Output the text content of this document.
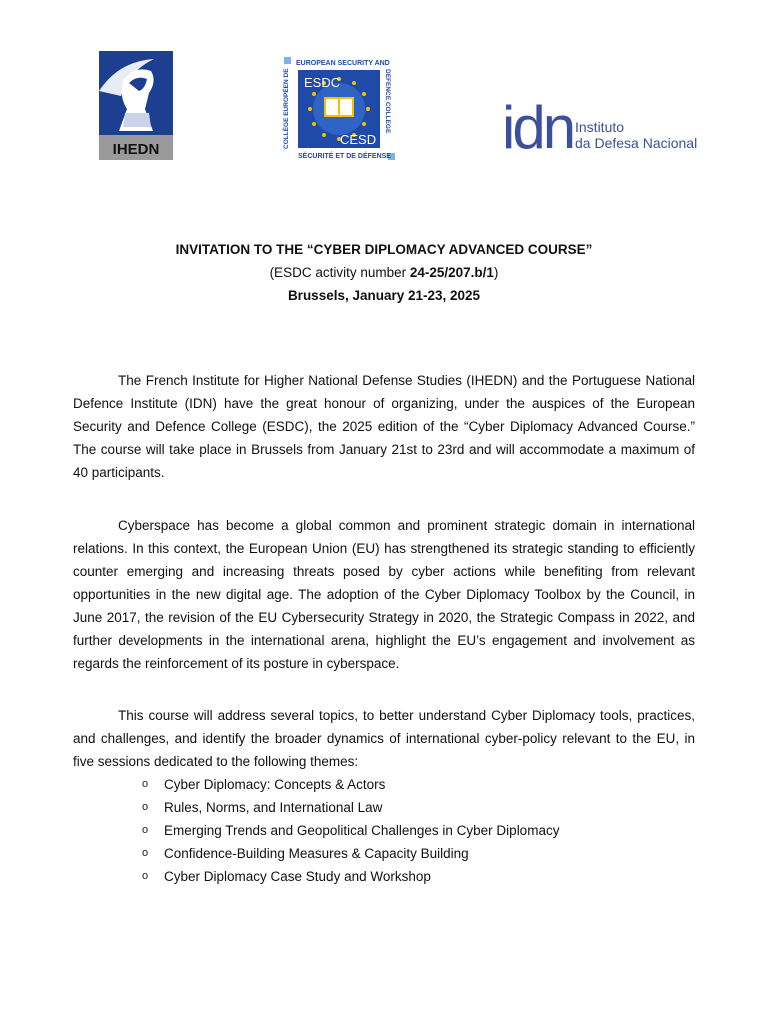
IHEDN
EUROPEAN SECURITY AND
SÉCURITÉ ET DE DÉFENSE
DEFENCE COLLEGE
COLLÈGE EUROPÉEN DE ESDC
CESD idn Instituto
da Defesa Nacional
INVITATION TO THE “CYBER DIPLOMACY ADVANCED COURSE”
(ESDC activity number 24-25/207.b/1)
Brussels, January 21-23, 2025

The French Institute for Higher National Defense Studies (IHEDN) and the Portuguese National Defence Institute (IDN) have the great honour of organizing, under the auspices of the European Security and Defence College (ESDC), the 2025 edition of the “Cyber Diplomacy Advanced Course.” The course will take place in Brussels from January 21st to 23rd and will accommodate a maximum of 40 participants.

Cyberspace has become a global common and prominent strategic domain in international relations. In this context, the European Union (EU) has strengthened its strategic standing to efficiently counter emerging and increasing threats posed by cyber actions while benefiting from relevant opportunities in the new digital age. The adoption of the Cyber Diplomacy Toolbox by the Council, in June 2017, the revision of the EU Cybersecurity Strategy in 2020, the Strategic Compass in 2022, and further developments in the international arena, highlight the EU’s engagement and involvement as regards the reinforcement of its posture in cyberspace.

This course will address several topics, to better understand Cyber Diplomacy tools, practices, and challenges, and identify the broader dynamics of international cyber-policy relevant to the EU, in five sessions dedicated to the following themes:

o	Cyber Diplomacy: Concepts & Actors
o	Rules, Norms, and International Law
o	Emerging Trends and Geopolitical Challenges in Cyber Diplomacy
o	Confidence-Building Measures & Capacity Building
o	Cyber Diplomacy Case Study and Workshop
